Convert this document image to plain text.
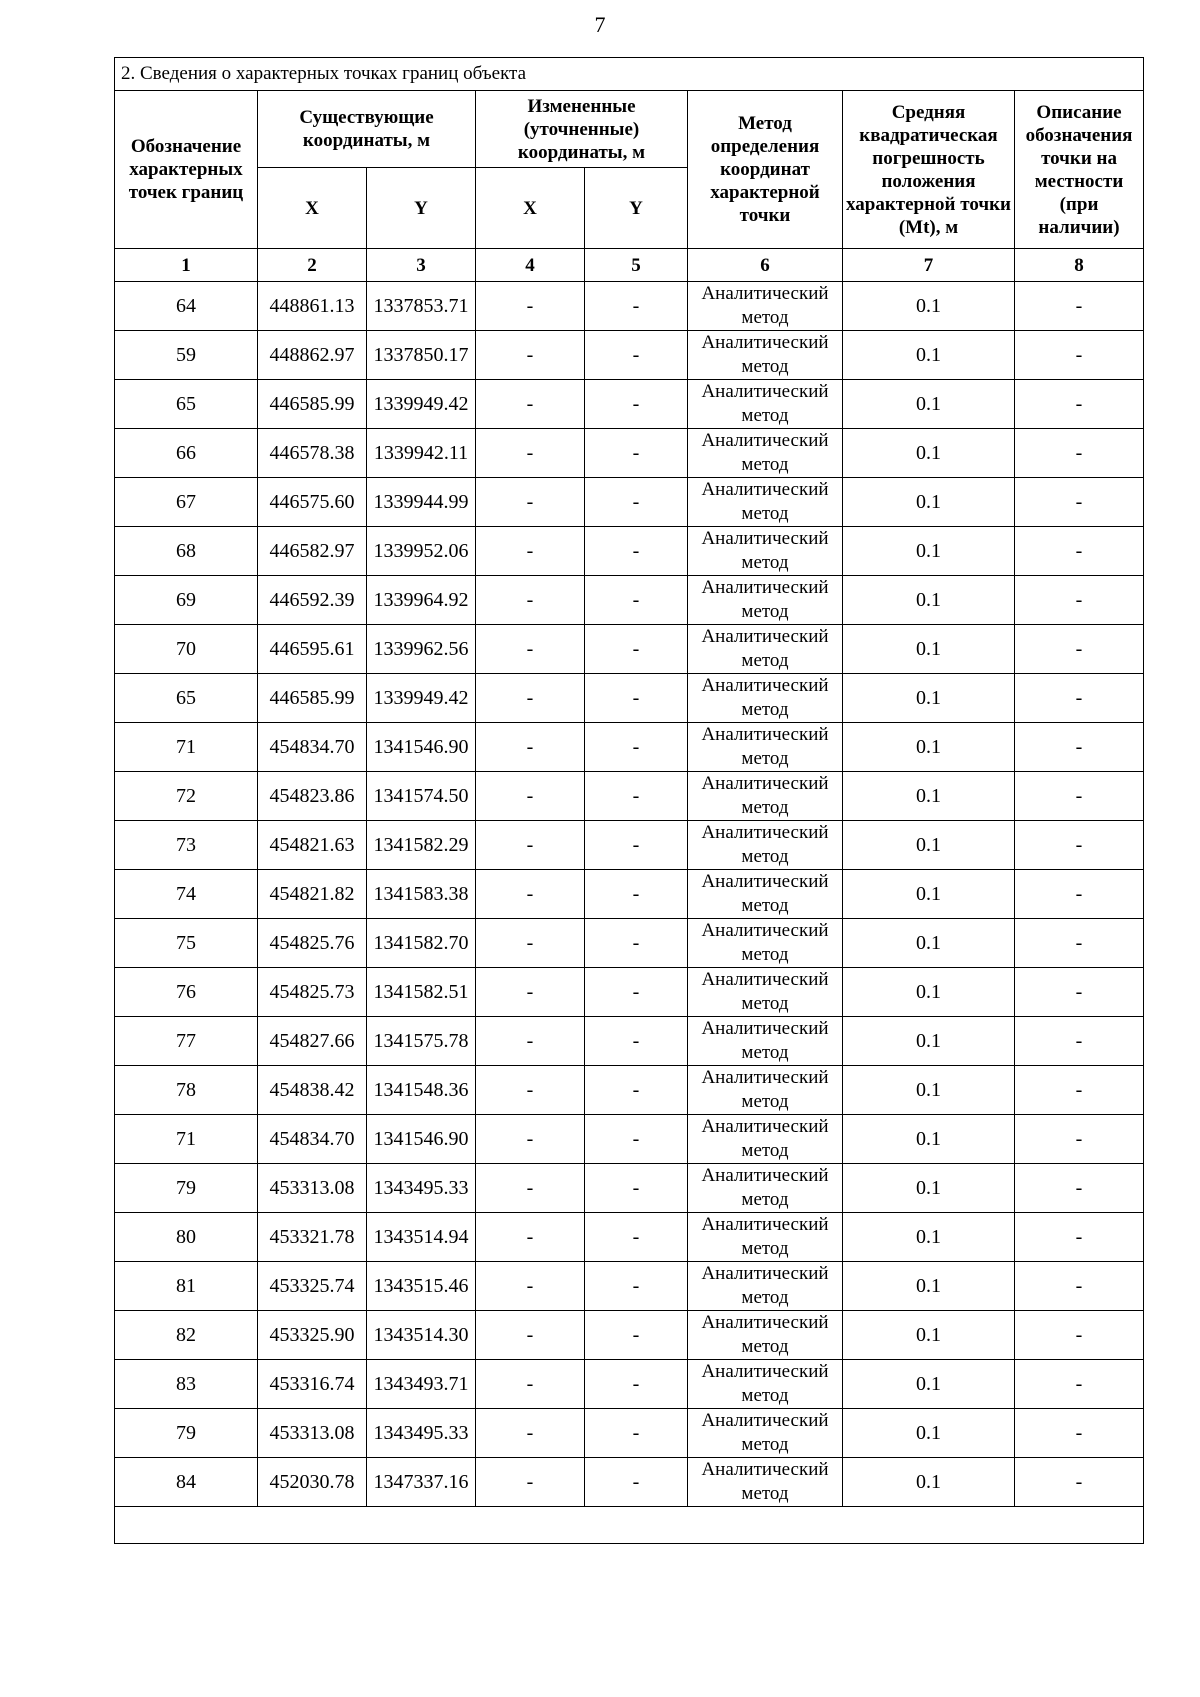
7
2. Сведения о характерных точках границ объекта							
Обозначение характерных точек границ	Существующие координаты, м		Измененные (уточненные) координаты, м		Метод определения координат характерной точки	Средняя квадратическая погрешность положения характерной точки (Mt), м	Описание обозначения точки на местности (при наличии)
	X	Y	X	Y			
1	2	3	4	5	6	7	8
64	448861.13	1337853.71	-	-	Аналитический метод	0.1	-
59	448862.97	1337850.17	-	-	Аналитический метод	0.1	-
65	446585.99	1339949.42	-	-	Аналитический метод	0.1	-
66	446578.38	1339942.11	-	-	Аналитический метод	0.1	-
67	446575.60	1339944.99	-	-	Аналитический метод	0.1	-
68	446582.97	1339952.06	-	-	Аналитический метод	0.1	-
69	446592.39	1339964.92	-	-	Аналитический метод	0.1	-
70	446595.61	1339962.56	-	-	Аналитический метод	0.1	-
65	446585.99	1339949.42	-	-	Аналитический метод	0.1	-
71	454834.70	1341546.90	-	-	Аналитический метод	0.1	-
72	454823.86	1341574.50	-	-	Аналитический метод	0.1	-
73	454821.63	1341582.29	-	-	Аналитический метод	0.1	-
74	454821.82	1341583.38	-	-	Аналитический метод	0.1	-
75	454825.76	1341582.70	-	-	Аналитический метод	0.1	-
76	454825.73	1341582.51	-	-	Аналитический метод	0.1	-
77	454827.66	1341575.78	-	-	Аналитический метод	0.1	-
78	454838.42	1341548.36	-	-	Аналитический метод	0.1	-
71	454834.70	1341546.90	-	-	Аналитический метод	0.1	-
79	453313.08	1343495.33	-	-	Аналитический метод	0.1	-
80	453321.78	1343514.94	-	-	Аналитический метод	0.1	-
81	453325.74	1343515.46	-	-	Аналитический метод	0.1	-
82	453325.90	1343514.30	-	-	Аналитический метод	0.1	-
83	453316.74	1343493.71	-	-	Аналитический метод	0.1	-
79	453313.08	1343495.33	-	-	Аналитический метод	0.1	-
84	452030.78	1347337.16	-	-	Аналитический метод	0.1	-
